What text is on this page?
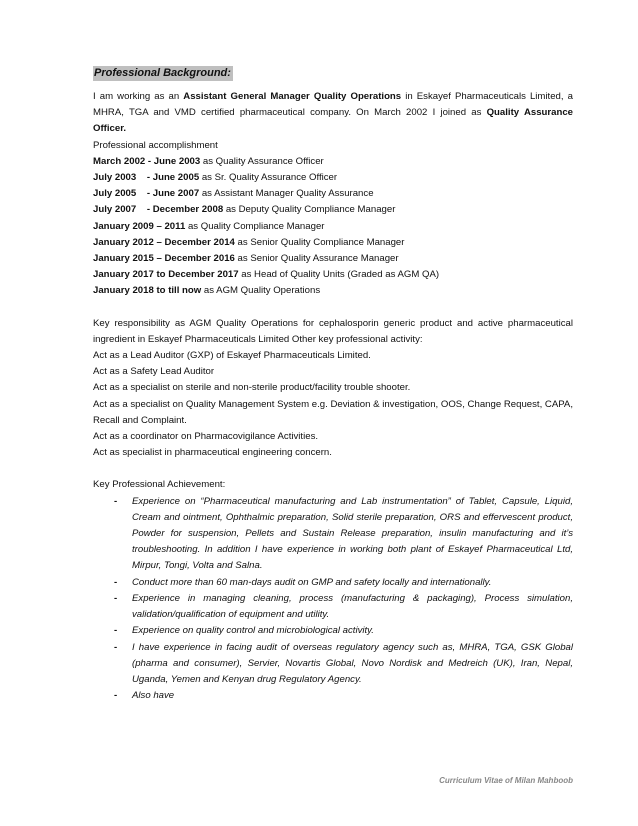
Professional Background:

I am working as an Assistant General Manager Quality Operations in Eskayef Pharmaceuticals Limited, a MHRA, TGA and VMD certified pharmaceutical company. On March 2002 I joined as Quality Assurance Officer.

Professional accomplishment

March 2002 - June 2003 as Quality Assurance Officer
July 2003    - June 2005 as Sr. Quality Assurance Officer
July 2005    - June 2007 as Assistant Manager Quality Assurance
July 2007    - December 2008 as Deputy Quality Compliance Manager
January 2009 – 2011 as Quality Compliance Manager
January 2012 – December 2014 as Senior Quality Compliance Manager
January 2015 – December 2016 as Senior Quality Assurance Manager
January 2017 to December 2017 as Head of Quality Units (Graded as AGM QA)
January 2018 to till now as AGM Quality Operations

Key responsibility as AGM Quality Operations for cephalosporin generic product and active pharmaceutical ingredient in Eskayef Pharmaceuticals Limited Other key professional activity:

Act as a Lead Auditor (GXP) of Eskayef Pharmaceuticals Limited.

Act as a Safety Lead Auditor

Act as a specialist on sterile and non-sterile product/facility trouble shooter.

Act as a specialist on Quality Management System e.g. Deviation & investigation, OOS, Change Request, CAPA, Recall and Complaint.

Act as a coordinator on Pharmacovigilance Activities.

Act as specialist in pharmaceutical engineering concern.

Key Professional Achievement:

- Experience on “Pharmaceutical manufacturing and Lab instrumentation” of Tablet, Capsule, Liquid, Cream and ointment, Ophthalmic preparation, Solid sterile preparation, ORS and effervescent product, Powder for suspension, Pellets and Sustain Release preparation, insulin manufacturing and it’s troubleshooting. In addition I have experience in working both plant of Eskayef Pharmaceutical Ltd, Mirpur, Tongi, Volta and Salna.
- Conduct more than 60 man-days audit on GMP and safety locally and internationally.
- Experience in managing cleaning, process (manufacturing & packaging), Process simulation, validation/qualification of equipment and utility.
- Experience on quality control and microbiological activity.
- I have experience in facing audit of overseas regulatory agency such as, MHRA, TGA, GSK Global (pharma and consumer), Servier, Novartis Global, Novo Nordisk and Medreich (UK), Iran, Nepal, Uganda, Yemen and Kenyan drug Regulatory Agency.
- Also have
Curriculum Vitae of Milan Mahboob
